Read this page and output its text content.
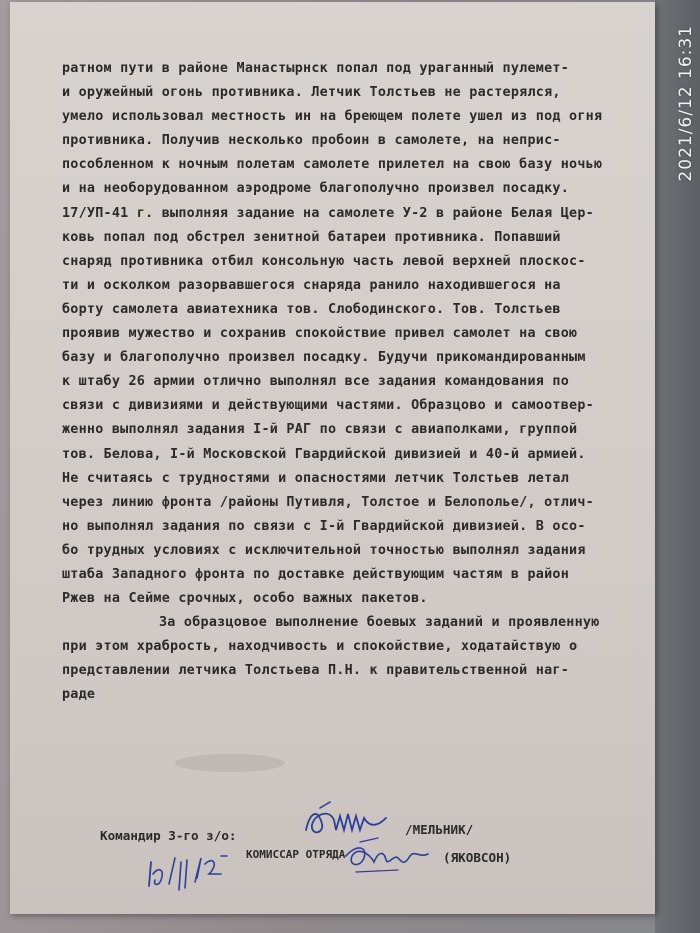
ратном пути в районе Манастырнск попал под ураганный пулемет-
и оружейный огонь противника. Летчик Толстьев не растерялся,
умело использовал местность ин на бреющем полете ушел из под огня
противника. Получив несколько пробоин в самолете, на неприс-
пособленном к ночным полетам самолете прилетел на свою базу ночью
и на необорудованном аэродроме благополучно произвел посадку.
17/УП-41 г. выполняя задание на самолете У-2 в районе Белая Цер-
ковь попал под обстрел зенитной батареи противника. Попавший
снаряд противника отбил консольную часть левой верхней плоскос-
ти и осколком разорвавшегося снаряда ранило находившегося на
борту самолета авиатехника тов. Слободинского. Тов. Толстьев
проявив мужество и сохранив спокойствие привел самолет на свою
базу и благополучно произвел посадку. Будучи прикомандированным
к штабу 26 армии отлично выполнял все задания командования по
связи с дивизиями и действующими частями. Образцово и самоотвер-
женно выполнял задания І-й РАГ по связи с авиаполками, группой
тов. Белова, І-й Московской Гвардийской дивизией и 40-й армией.
Не считаясь с трудностями и опасностями летчик Толстьев летал
через линию фронта /районы Путивля, Толстое и Белополье/, отлич-
но выполнял задания по связи с І-й Гвардийской дивизией. В осо-
бо трудных условиях с исключительной точностью выполнял задания
штаба Западного фронта по доставке действующим частям в район
Ржев на Сейме срочных, особо важных пакетов.
За образцовое выполнение боевых заданий и проявленную
при этом храбрость, находчивость и спокойствие, ходатайствую о
представлении летчика Толстьева П.Н. к правительственной наг-
раде
Командир 3-го з/о:	/МЕЛЬНИК/
КОМИССАР ОТРЯДА	(ЯКОВСОН)
2021/6/12 16:31
